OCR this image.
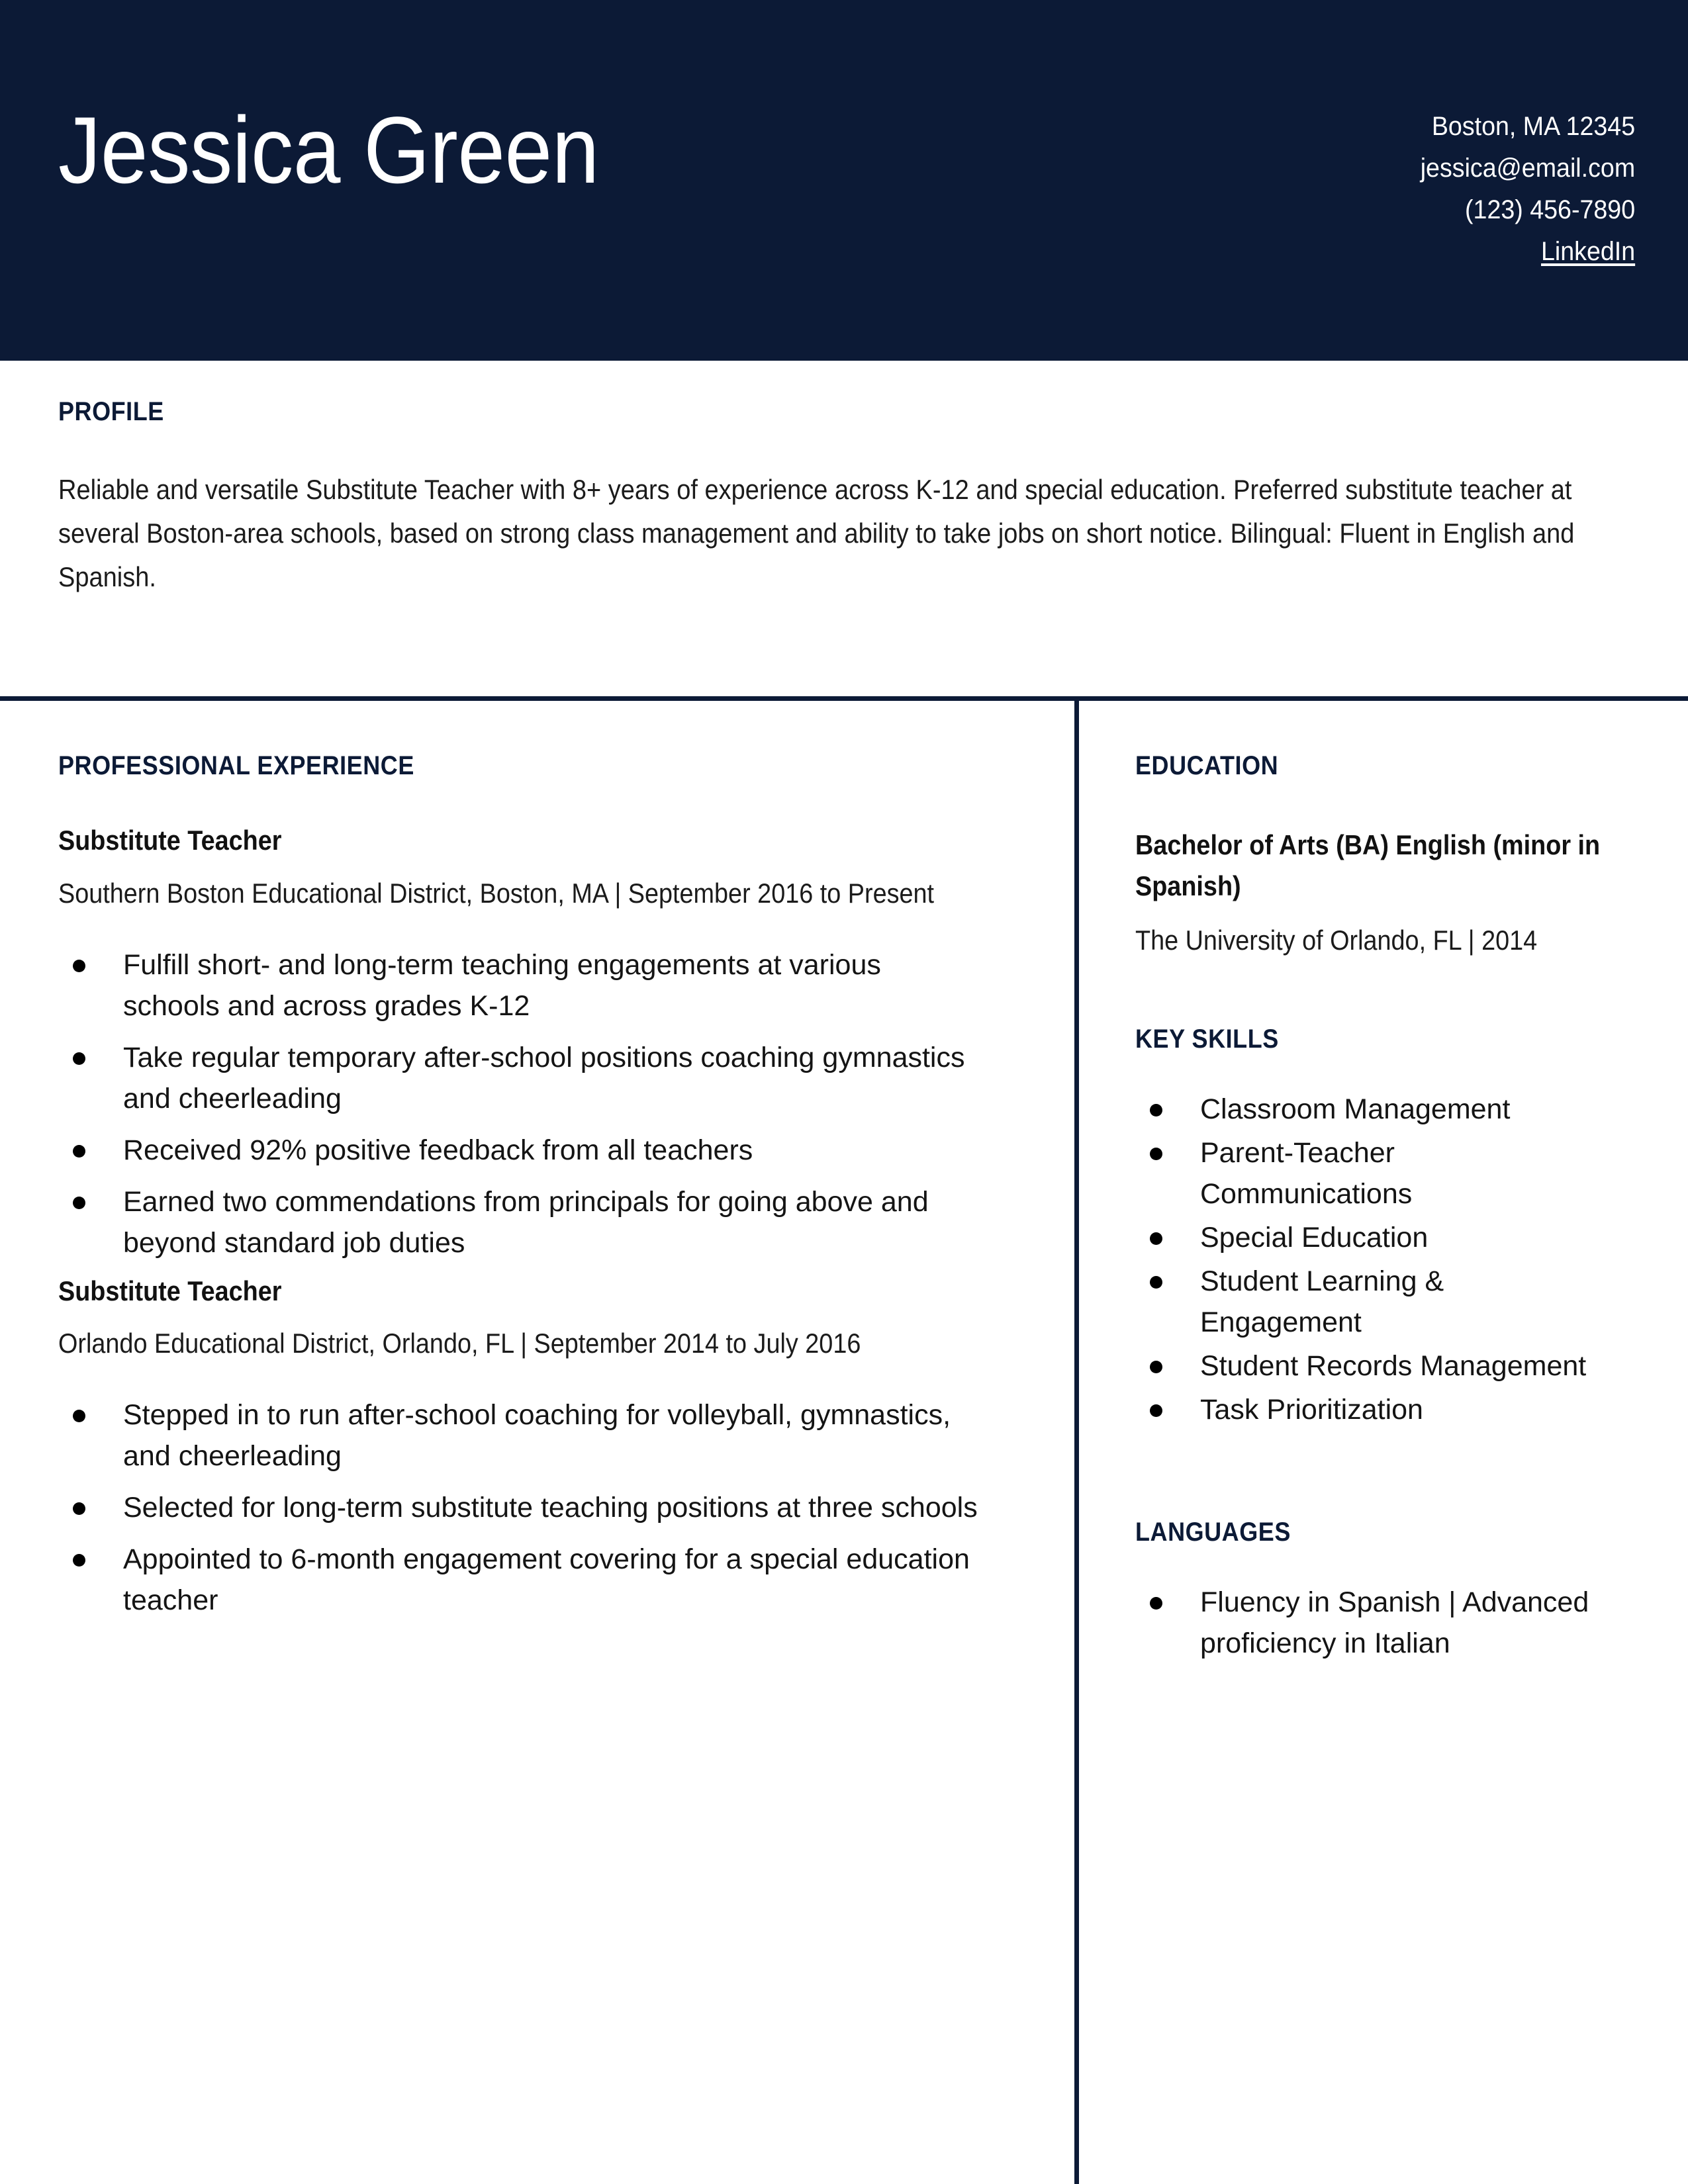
Jessica Green	Boston, MA 12345
jessica@email.com
(123) 456-7890
LinkedIn
PROFILE
Reliable and versatile Substitute Teacher with 8+ years of experience across K-12 and special education. Preferred substitute teacher at several Boston-area schools, based on strong class management and ability to take jobs on short notice. Bilingual: Fluent in English and Spanish.
PROFESSIONAL EXPERIENCE
Substitute Teacher
Southern Boston Educational District, Boston, MA | September 2016 to Present
Fulfill short- and long-term teaching engagements at various schools and across grades K-12
Take regular temporary after-school positions coaching gymnastics and cheerleading
Received 92% positive feedback from all teachers
Earned two commendations from principals for going above and beyond standard job duties
Substitute Teacher
Orlando Educational District, Orlando, FL | September 2014 to July 2016
Stepped in to run after-school coaching for volleyball, gymnastics, and cheerleading
Selected for long-term substitute teaching positions at three schools
Appointed to 6-month engagement covering for a special education teacher
EDUCATION
Bachelor of Arts (BA) English (minor in Spanish)
The University of Orlando, FL | 2014
KEY SKILLS
Classroom Management
Parent-Teacher Communications
Special Education
Student Learning & Engagement
Student Records Management
Task Prioritization
LANGUAGES
Fluency in Spanish | Advanced proficiency in Italian
